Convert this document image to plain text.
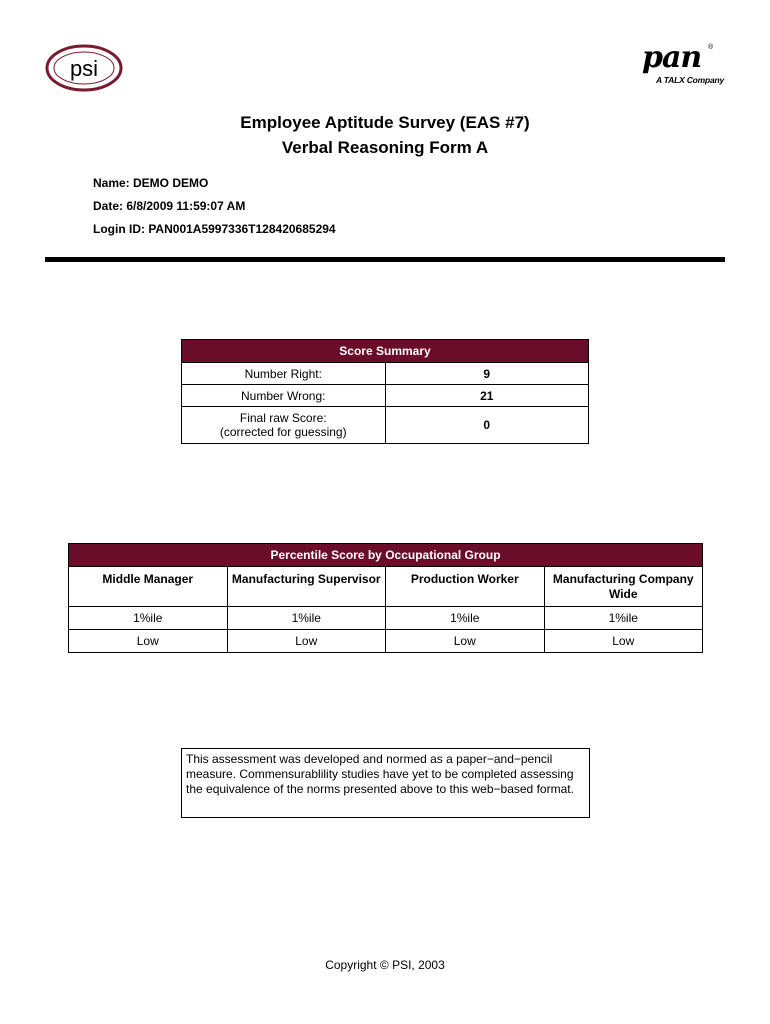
psi	pan ®
A TALX Company
Employee Aptitude Survey (EAS #7)
Verbal Reasoning Form A
Name: DEMO DEMO
Date: 6/8/2009 11:59:07 AM
Login ID: PAN001A5997336T128420685294
Score Summary	
Number Right:	9
Number Wrong:	21

Final raw Score:
(corrected for guessing)	0
Percentile Score by Occupational Group			
Middle Manager	Manufacturing Supervisor	Production Worker	Manufacturing Company Wide
1%ile	1%ile	1%ile	1%ile
Low	Low	Low	Low
This assessment was developed and normed as a paper−and−pencil measure. Commensurablility studies have yet to be completed assessing the equivalence of the norms presented above to this web−based format.
Copyright © PSI, 2003
